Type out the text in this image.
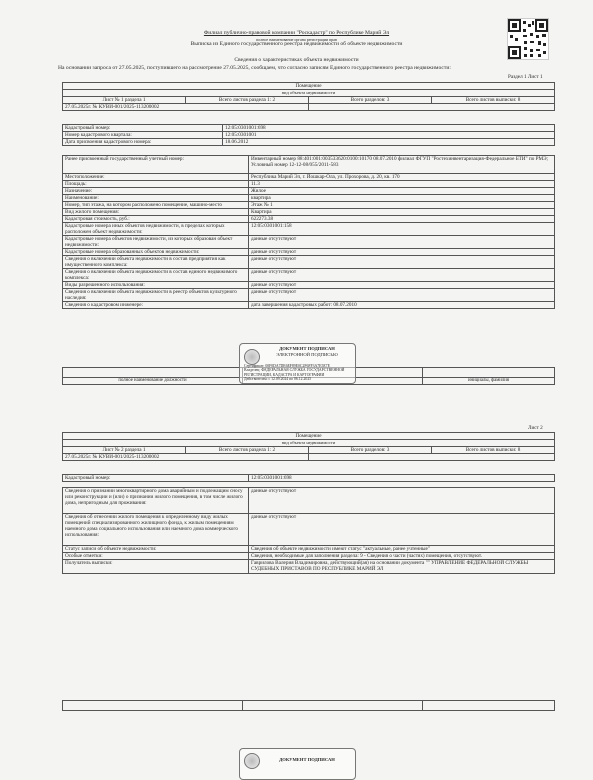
Филиал публично-правовой компании "Роскадастр" по Республике Марий Эл
полное наименование органа регистрации прав
Выписка из Единого государственного реестра недвижимости об объекте недвижимости
Сведения о характеристиках объекта недвижимости
На основании запроса от 27.05.2025, поступившего на рассмотрение 27.05.2025, сообщаем, что согласно записям Единого государственного реестра недвижимости:
Раздел 1 Лист 1
Помещение			
вид объекта недвижимости			
Лист № 1 раздела 1	Всего листов раздела 1: 2	Всего разделов: 3	Всего листов выписки: 8
27.05.2025г. № КУВИ-001/2025-113200002			
Кадастровый номер:	12:05:0301001:698
Номер кадастрового квартала:	12:05:0301001
Дата присвоения кадастрового номера:	18.06.2012
Ранее присвоенный государственный учетный номер:	Инвентарный номер 88:401:001:003533620:0100:10170 08.07.2010 филиал ФГУП "Ростехинвентаризация-Федеральное БТИ" по РМЭ; Условный номер 12-12-08/055/2011-583
Местоположение:	Республика Марий Эл, г. Йошкар-Ола, ул. Прохорова, д. 20, кв. 170
Площадь:	11.3
Назначение:	Жилое
Наименование:	квартира
Номер, тип этажа, на котором расположено помещение, машино-место	Этаж № 1
Вид жилого помещения:	Квартира
Кадастровая стоимость, руб.:	622273.38
Кадастровые номера иных объектов недвижимости, в пределах которых расположен объект недвижимости:	12:05:0301001:158
Кадастровые номера объектов недвижимости, из которых образован объект недвижимости:	данные отсутствуют
Кадастровые номера образованных объектов недвижимости:	данные отсутствуют
Сведения о включении объекта недвижимости в состав предприятия как имущественного комплекса:	данные отсутствуют
Сведения о включении объекта недвижимости в состав единого недвижимого комплекса:	данные отсутствуют
Виды разрешенного использования:	данные отсутствуют
Сведения о включении объекта недвижимости в реестр объектов культурного наследия:	данные отсутствуют
Сведения о кадастровом инженере:	дата завершения кадастровых работ: 08.07.2010

полное наименование должности		инициалы, фамилия
ДОКУМЕНТ ПОДПИСАН
ЭЛЕКТРОННОЙ ПОДПИСЬЮ
Сертификат: 00F0DA7DE6EF89E0C2F6FF3A7E5E7E
Владелец: ФЕДЕРАЛЬНАЯ СЛУЖБА ГОСУДАРСТВЕННОЙ
РЕГИСТРАЦИИ, КАДАСТРА И КАРТОГРАФИИ
Действителен: с 12.09.2024 по 06.12.2025
Лист 2
Помещение			
вид объекта недвижимости			
Лист № 2 раздела 1	Всего листов раздела 1: 2	Всего разделов: 3	Всего листов выписки: 8
27.05.2025г. № КУВИ-001/2025-113200002			
Кадастровый номер:	12:05:0301001:698
Сведения о признании многоквартирного дома аварийным и подлежащим сносу или реконструкции и (или) о признании жилого помещения, в том числе жилого дома, непригодным для проживания:	данные отсутствуют
Сведения об отнесении жилого помещения к определенному виду жилых помещений специализированного жилищного фонда, к жилым помещениям наемного дома социального использования или наемного дома коммерческого использования:	данные отсутствуют
Статус записи об объекте недвижимости:	Сведения об объекте недвижимости имеют статус "актуальные, ранее учтенные"
Особые отметки:	Сведения, необходимые для заполнения раздела: 9 - Сведения о части (частях) помещения, отсутствуют.
Получатель выписки:	Гаврилова Валерия Владимировна, действующий(ая) на основании документа "" УПРАВЛЕНИЕ ФЕДЕРАЛЬНОЙ СЛУЖБЫ СУДЕБНЫХ ПРИСТАВОВ ПО РЕСПУБЛИКЕ МАРИЙ ЭЛ

ДОКУМЕНТ ПОДПИСАН
